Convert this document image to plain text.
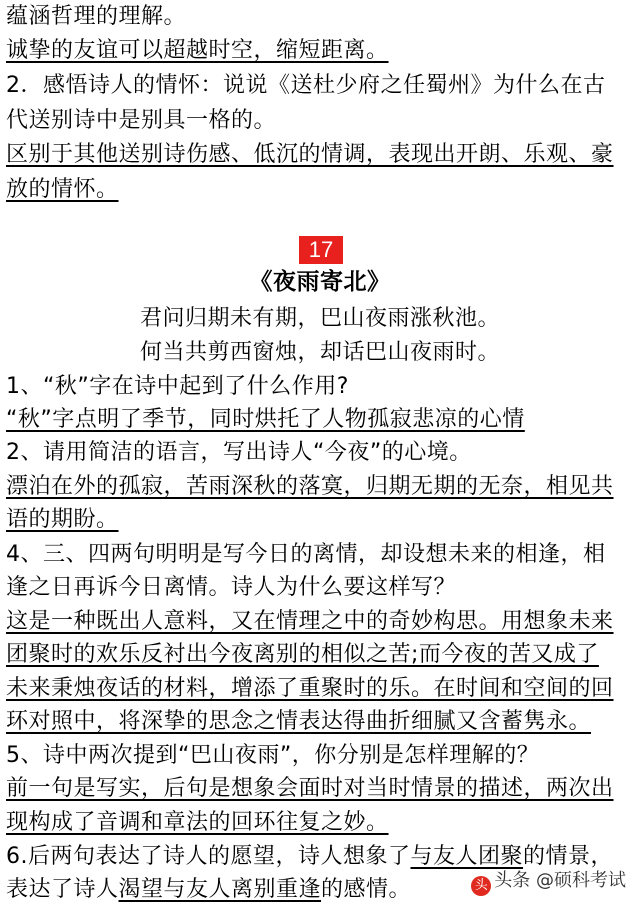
蕴涵哲理的理解。
诚挚的友谊可以超越时空，缩短距离。
2．感悟诗人的情怀：说说《送杜少府之任蜀州》为什么在古
代送别诗中是别具一格的。
区别于其他送别诗伤感、低沉的情调，表现出开朗、乐观、豪
放的情怀。
17
《夜雨寄北》
君问归期未有期，巴山夜雨涨秋池。
何当共剪西窗烛，却话巴山夜雨时。
1、“秋”字在诗中起到了什么作用?
“秋”字点明了季节，同时烘托了人物孤寂悲凉的心情
2、请用简洁的语言，写出诗人“今夜”的心境。
漂泊在外的孤寂，苦雨深秋的落寞，归期无期的无奈，相见共
语的期盼。
4、三、四两句明明是写今日的离情，却设想未来的相逢，相
逢之日再诉今日离情。诗人为什么要这样写？
这是一种既出人意料，又在情理之中的奇妙构思。用想象未来
团聚时的欢乐反衬出今夜离别的相似之苦;而今夜的苦又成了
未来秉烛夜话的材料，增添了重聚时的乐。在时间和空间的回
环对照中，将深挚的思念之情表达得曲折细腻又含蓄隽永。
5、诗中两次提到“巴山夜雨”，你分别是怎样理解的？
前一句是写实，后句是想象会面时对当时情景的描述，两次出
现构成了音调和章法的回环往复之妙。
6.后两句表达了诗人的愿望，诗人想象了与友人团聚的情景，
表达了诗人渴望与友人离别重逢的感情。	头 头条 @硕科考试
